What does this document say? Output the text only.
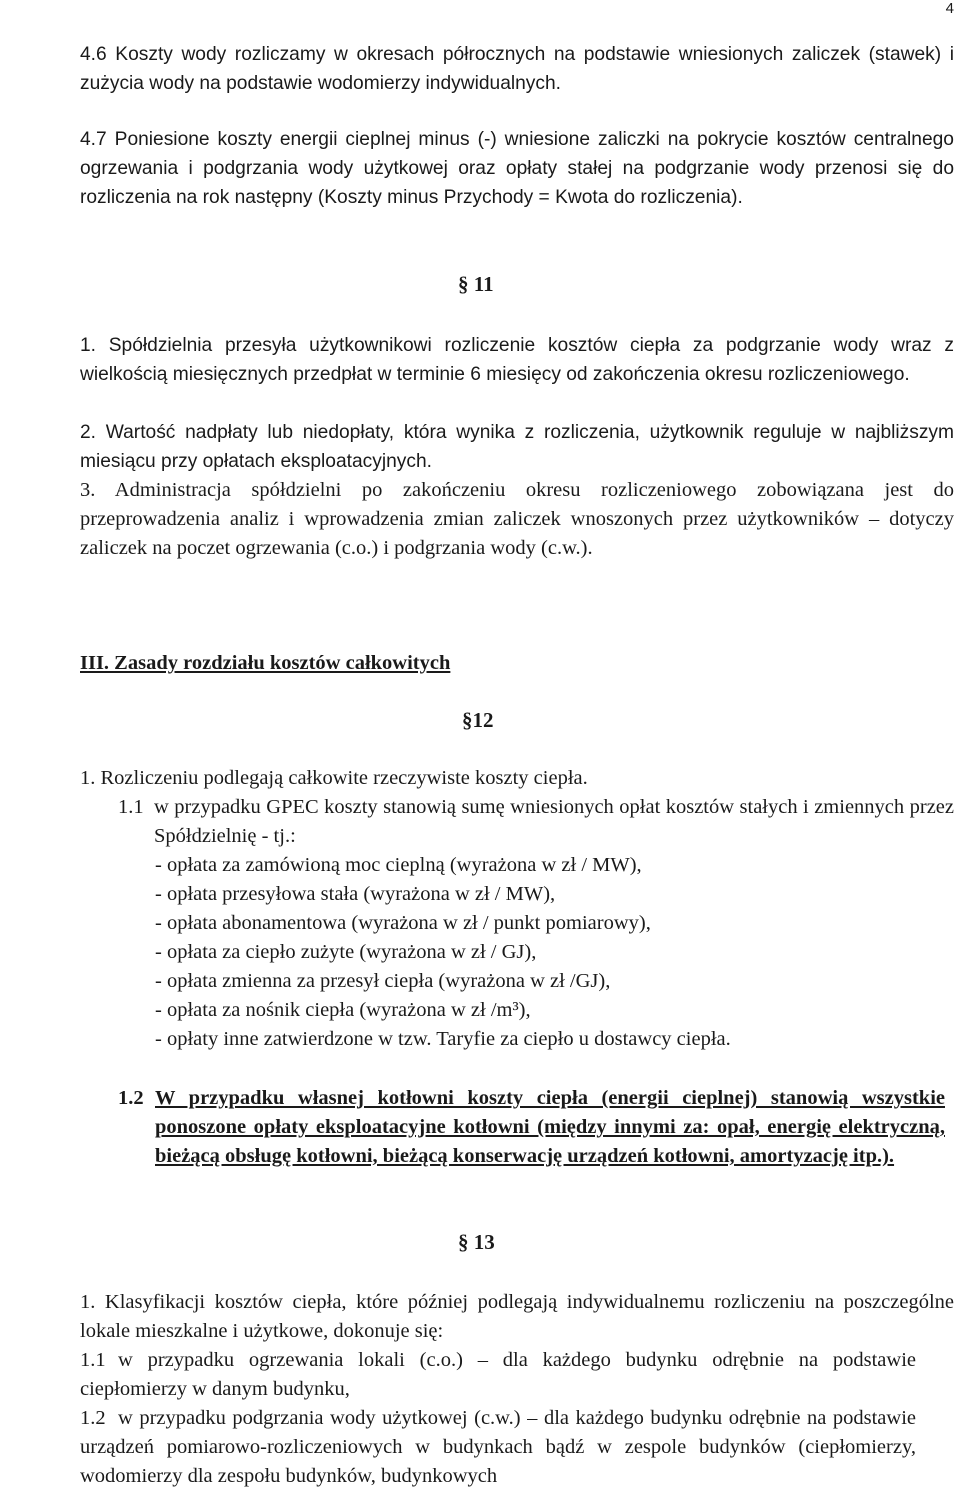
4
4.6 Koszty wody rozliczamy w okresach półrocznych na podstawie wniesionych zaliczek (stawek) i zużycia wody na podstawie wodomierzy indywidualnych.
4.7 Poniesione koszty energii cieplnej minus (-) wniesione zaliczki na pokrycie kosztów centralnego ogrzewania i podgrzania wody użytkowej oraz opłaty stałej na podgrzanie wody przenosi się do rozliczenia na rok następny (Koszty minus Przychody = Kwota do rozliczenia).
§ 11
1. Spółdzielnia przesyła użytkownikowi rozliczenie kosztów ciepła za podgrzanie wody wraz z wielkością miesięcznych przedpłat w terminie 6 miesięcy od zakończenia okresu rozliczeniowego.
2. Wartość nadpłaty lub niedopłaty, która wynika z rozliczenia, użytkownik reguluje w najbliższym miesiącu przy opłatach eksploatacyjnych.
3. Administracja spółdzielni po zakończeniu okresu rozliczeniowego zobowiązana jest do przeprowadzenia analiz i wprowadzenia zmian zaliczek wnoszonych przez użytkowników – dotyczy zaliczek na poczet ogrzewania (c.o.) i podgrzania wody (c.w.).
III. Zasady rozdziału kosztów całkowitych
§12
1. Rozliczeniu podlegają całkowite rzeczywiste koszty ciepła.
1.1 w przypadku GPEC koszty stanowią sumę wniesionych opłat kosztów stałych i zmiennych przez Spółdzielnię - tj.:
- opłata za zamówioną moc cieplną (wyrażona w zł / MW),
- opłata przesyłowa stała (wyrażona w zł / MW),
- opłata abonamentowa (wyrażona w zł / punkt pomiarowy),
- opłata za ciepło zużyte (wyrażona w zł / GJ),
- opłata zmienna za przesył ciepła (wyrażona w zł /GJ),
- opłata za nośnik ciepła (wyrażona w zł /m³),
- opłaty inne zatwierdzone w tzw. Taryfie za ciepło u dostawcy ciepła.
1.2 W przypadku własnej kotłowni koszty ciepła (energii cieplnej) stanowią wszystkie ponoszone opłaty eksploatacyjne kotłowni (między innymi za: opał, energię elektryczną, bieżącą obsługę kotłowni, bieżącą konserwację urządzeń kotłowni, amortyzację itp.).
§ 13
1. Klasyfikacji kosztów ciepła, które później podlegają indywidualnemu rozliczeniu na poszczególne lokale mieszkalne i użytkowe, dokonuje się:
1.1 w przypadku ogrzewania lokali (c.o.) – dla każdego budynku odrębnie na podstawie ciepłomierzy w danym budynku,
1.2 w przypadku podgrzania wody użytkowej (c.w.) – dla każdego budynku odrębnie na podstawie urządzeń pomiarowo-rozliczeniowych w budynkach bądź w zespole budynków (ciepłomierzy, wodomierzy dla zespołu budynków, budynkowych
